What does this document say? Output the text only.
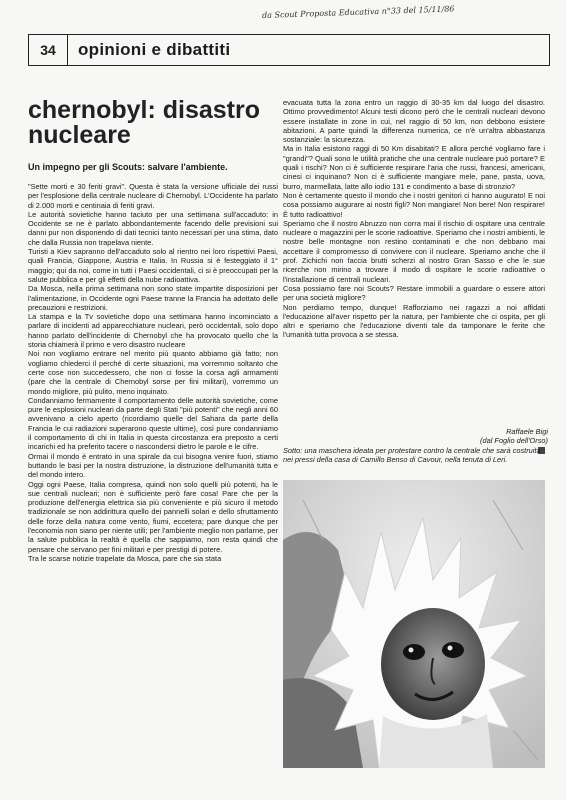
da Scout Proposta Educativa n°33 del 15/11/86
34	opinioni e dibattiti
chernobyl: disastro
nucleare
Un impegno per gli Scouts: salvare l'ambiente.

"Sette morti e 30 feriti gravi". Questa è stata la versione ufficiale dei russi per l'esplosione della centrale nucleare di Chernobyl. L'Occidente ha parlato di 2.000 morti e centinaia di feriti gravi.

Le autorità sovietiche hanno taciuto per una settimana sull'accaduto: in Occidente se ne è parlato abbondantemente facendo delle previsioni sui danni pur non disponendo di dati tecnici tanto necessari per una stima, dato che dalla Russia non trapelava niente.

Turisti a Kiev sapranno dell'accaduto solo al rientro nei loro rispettivi Paesi, quali Francia, Giappone, Austria e Italia. In Russia si è festeggiato il 1° maggio; qui da noi, come in tutti i Paesi occidentali, ci si è preoccupati per la salute pubblica e per gli effetti della nube radioattiva.

Da Mosca, nella prima settimana non sono state impartite disposizioni per l'alimentazione, in Occidente ogni Paese tranne la Francia ha adottato delle precauzioni e restrizioni.

La stampa e la Tv sovietiche dopo una settimana hanno incominciato a parlare di incidenti ad apparecchiature nucleari, però occidentali, solo dopo hanno parlato dell'incidente di Chernobyl che ha provocato quello che la storia chiamerà il primo e vero disastro nucleare

Noi non vogliamo entrare nel merito più quanto abbiamo già fatto; non vogliamo chiederci il perché di certe situazioni, ma vorremmo soltanto che certe cose non succedessero, che non ci fosse la corsa agli armamenti (pare che la centrale di Chernobyl sorse per fini militari), vorremmo un mondo migliore, più pulito, meno inquinato.

Condanniamo fermamente il comportamento delle autorità sovietiche, come pure le esplosioni nucleari da parte degli Stati "più potenti" che negli anni 60 avvenivano a cielo aperto (ricordiamo quelle del Sahara da parte della Francia le cui radiazioni superarono queste ultime), così pure condanniamo il comportamento di chi in Italia in questa circostanza era preposto a certi incarichi ed ha preferito tacere o nascondersi dietro le parole e le cifre.

Ormai il mondo è entrato in una spirale da cui bisogna venire fuori, stiamo buttando le basi per la nostra distruzione, la distruzione dell'umanità tutta e del mondo intero.

Oggi ogni Paese, Italia compresa, quindi non solo quelli più potenti, ha le sue centrali nucleari; non è sufficiente però fare cosa! Pare che per la produzione dell'energia elettrica sia più conveniente e più sicuro il metodo tradizionale se non addirittura quello dei pannelli solari e dello sfruttamento delle forze della natura come vento, fiumi, eccetera; pare dunque che per l'economia non siano per niente utili; per l'ambiente meglio non parlarne, per la salute pubblica la realtà è quella che sappiamo, non resta quindi che pensare che servano per fini militari e per prestigi di potere.

Tra le scarse notizie trapelate da Mosca, pare che sia stata

evacuata tutta la zona entro un raggio di 30-35 km dal luogo del disastro. Ottimo provvedimento! Alcuni testi dicono però che le centrali nucleari devono essere installate in zone in cui, nel raggio di 50 km, non debbono esistere abitazioni. A parte quindi la differenza numerica, ce n'è un'altra abbastanza sostanziale: la sicurezza.

Ma in Italia esistono raggi di 50 Km disabitati? E allora perché vogliamo fare i "grandi"? Quali sono le utilità pratiche che una centrale nucleare può portare? E quali i rischi? Non ci è sufficiente respirare l'aria che russi, francesi, americani, cinesi ci inquinano? Non ci è sufficiente mangiare mele, pane, pasta, uova, burro, marmellata, latte allo iodio 131 e condimento a base di stronzio?

Non è certamente questo il mondo che i nostri genitori ci hanno augurato! E noi cosa possiamo augurare ai nostri figli? Non mangiare! Non bere! Non respirare! È tutto radioattivo!

Speriamo che il nostro Abruzzo non corra mai il rischio di ospitare una centrale nucleare o magazzini per le scorie radioattive. Speriamo che i nostri ambienti, le nostre belle montagne non restino contaminati e che non debbano mai accettare il compromesso di convivere con il nucleare. Speriamo anche che il prof. Zichichi non faccia brutti scherzi al nostro Gran Sasso e che le sue ricerche non mirino a trovare il modo di ospitare le scorie radioattive o l'installazione di centrali nucleari.

Cosa possiamo fare noi Scouts? Restare immobili a guardare o essere attori per una società migliore?

Non perdiamo tempo, dunque! Rafforziamo nei ragazzi a noi affidati l'educazione all'aver rispetto per la natura, per l'ambiente che ci ospita, per gli altri e speriamo che l'educazione diventi tale da tamponare le ferite che l'umanità tutta provoca a se stessa.

Raffaele Bigi
(dal Foglio dell'Orso)
Sotto: una maschera ideata per protestare contro la centrale che sarà costruita nei pressi della casa di Camillo Benso di Cavour, nella tenuta di Leri.
